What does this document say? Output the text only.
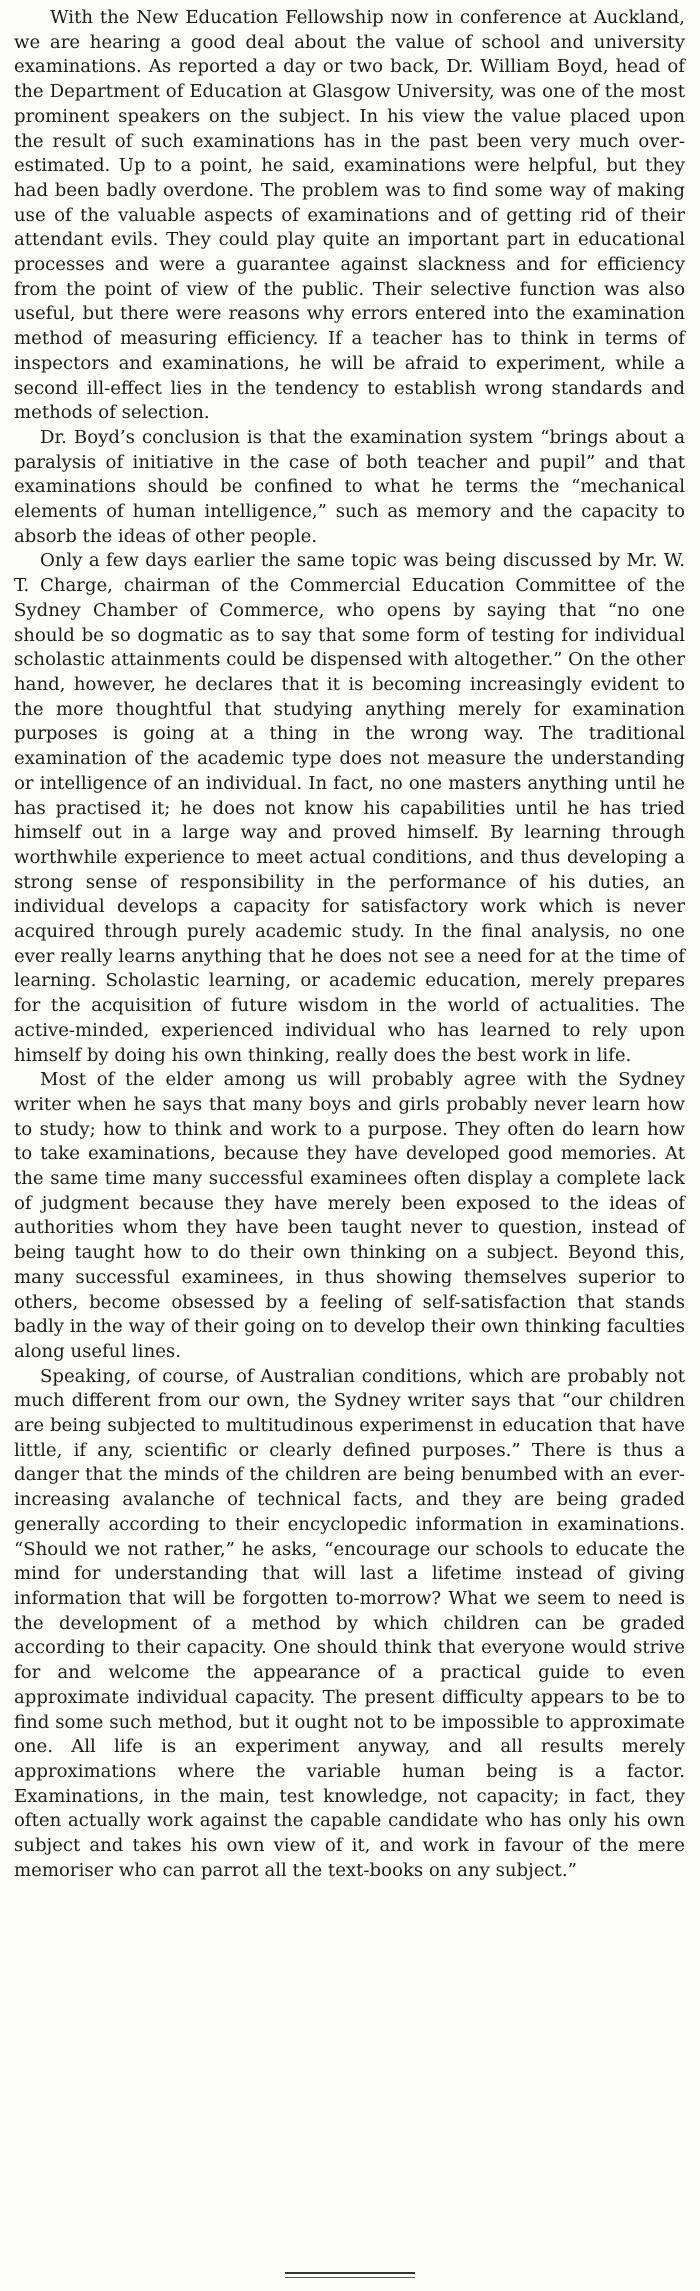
With the New Education Fellowship now in conference at Auckland, we are hearing a good deal about the value of school and university examinations. As reported a day or two back, Dr. William Boyd, head of the Department of Education at Glasgow University, was one of the most prominent speakers on the subject. In his view the value placed upon the result of such examinations has in the past been very much over-estimated. Up to a point, he said, examinations were helpful, but they had been badly overdone. The problem was to find some way of making use of the valuable aspects of examinations and of getting rid of their attendant evils. They could play quite an important part in educational processes and were a guarantee against slackness and for efficiency from the point of view of the public. Their selective function was also useful, but there were reasons why errors entered into the examination method of measuring efficiency. If a teacher has to think in terms of inspectors and examinations, he will be afraid to experiment, while a second ill-effect lies in the tendency to establish wrong standards and methods of selection.

Dr. Boyd’s conclusion is that the examination system “brings about a paralysis of initiative in the case of both teacher and pupil” and that examinations should be confined to what he terms the “mechanical elements of human intelligence,” such as memory and the capacity to absorb the ideas of other people.

Only a few days earlier the same topic was being discussed by Mr. W. T. Charge, chairman of the Commercial Education Committee of the Sydney Chamber of Commerce, who opens by saying that “no one should be so dogmatic as to say that some form of testing for individual scholastic attainments could be dispensed with altogether.” On the other hand, however, he declares that it is becoming increasingly evident to the more thoughtful that studying anything merely for examination purposes is going at a thing in the wrong way. The traditional examination of the academic type does not measure the understanding or intelligence of an individual. In fact, no one masters anything until he has practised it; he does not know his capabilities until he has tried himself out in a large way and proved himself. By learning through worthwhile experience to meet actual conditions, and thus developing a strong sense of responsibility in the performance of his duties, an individual develops a capacity for satisfactory work which is never acquired through purely academic study. In the final analysis, no one ever really learns anything that he does not see a need for at the time of learning. Scholastic learning, or academic education, merely prepares for the acquisition of future wisdom in the world of actualities. The active-minded, experienced individual who has learned to rely upon himself by doing his own thinking, really does the best work in life.

Most of the elder among us will probably agree with the Sydney writer when he says that many boys and girls probably never learn how to study; how to think and work to a purpose. They often do learn how to take examinations, because they have developed good memories. At the same time many successful examinees often display a complete lack of judgment because they have merely been exposed to the ideas of authorities whom they have been taught never to question, instead of being taught how to do their own thinking on a subject. Beyond this, many successful examinees, in thus showing themselves superior to others, become obsessed by a feeling of self-satisfaction that stands badly in the way of their going on to develop their own thinking faculties along useful lines.

Speaking, of course, of Australian conditions, which are probably not much different from our own, the Sydney writer says that “our children are being subjected to multitudinous experimenst in education that have little, if any, scientific or clearly defined purposes.” There is thus a danger that the minds of the children are being benumbed with an ever-increasing avalanche of technical facts, and they are being graded generally according to their encyclopedic information in examinations. “Should we not rather,” he asks, “encourage our schools to educate the mind for understanding that will last a lifetime instead of giving information that will be forgotten to-morrow? What we seem to need is the development of a method by which children can be graded according to their capacity. One should think that everyone would strive for and welcome the appearance of a practical guide to even approximate individual capacity. The present difficulty appears to be to find some such method, but it ought not to be impossible to approximate one. All life is an experiment anyway, and all results merely approximations where the variable human being is a factor. Examinations, in the main, test knowledge, not capacity; in fact, they often actually work against the capable candidate who has only his own subject and takes his own view of it, and work in favour of the mere memoriser who can parrot all the text-books on any subject.”
